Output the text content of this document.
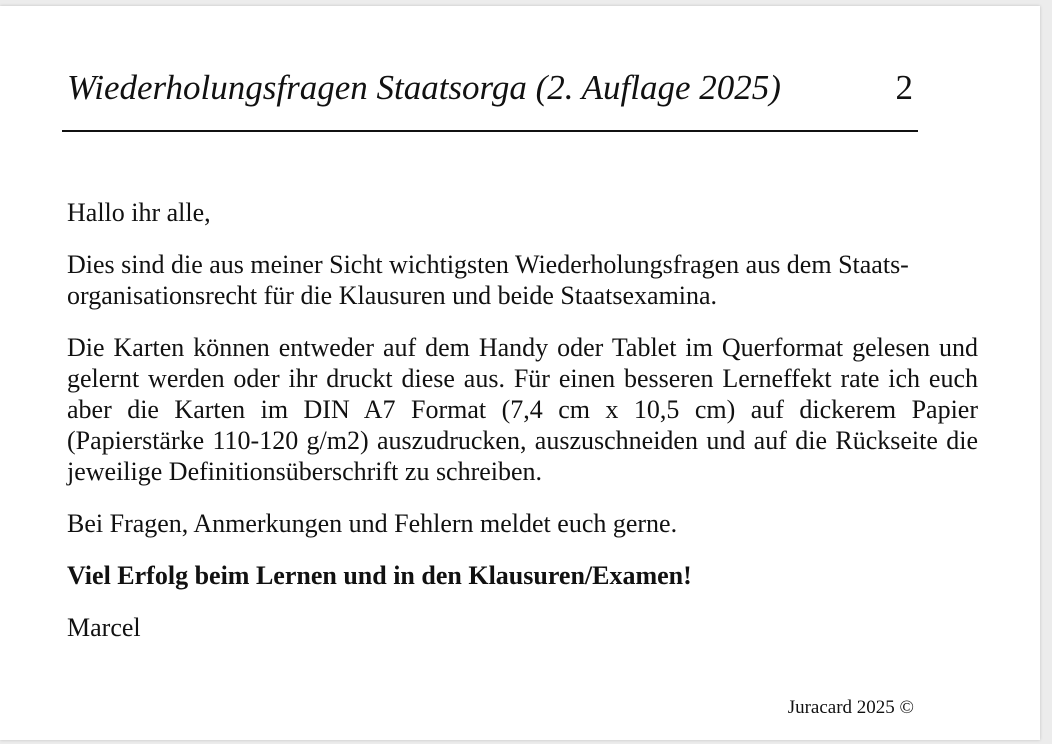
Wiederholungsfragen Staatsorga (2. Auflage 2025)	2

Hallo ihr alle,

Dies sind die aus meiner Sicht wichtigsten Wiederholungsfragen aus dem Staats-
organisationsrecht für die Klausuren und beide Staatsexamina.

Die Karten können entweder auf dem Handy oder Tablet im Querformat gelesen und gelernt werden oder ihr druckt diese aus. Für einen besseren Lerneffekt rate ich euch aber die Karten im DIN A7 Format (7,4 cm x 10,5 cm) auf dickerem Papier (Papierstärke 110-120 g/m2) auszudrucken, auszuschneiden und auf die Rückseite die jeweilige Definitionsüberschrift zu schreiben.

Bei Fragen, Anmerkungen und Fehlern meldet euch gerne.

Viel Erfolg beim Lernen und in den Klausuren/Examen!

Marcel

Juracard 2025 ©
